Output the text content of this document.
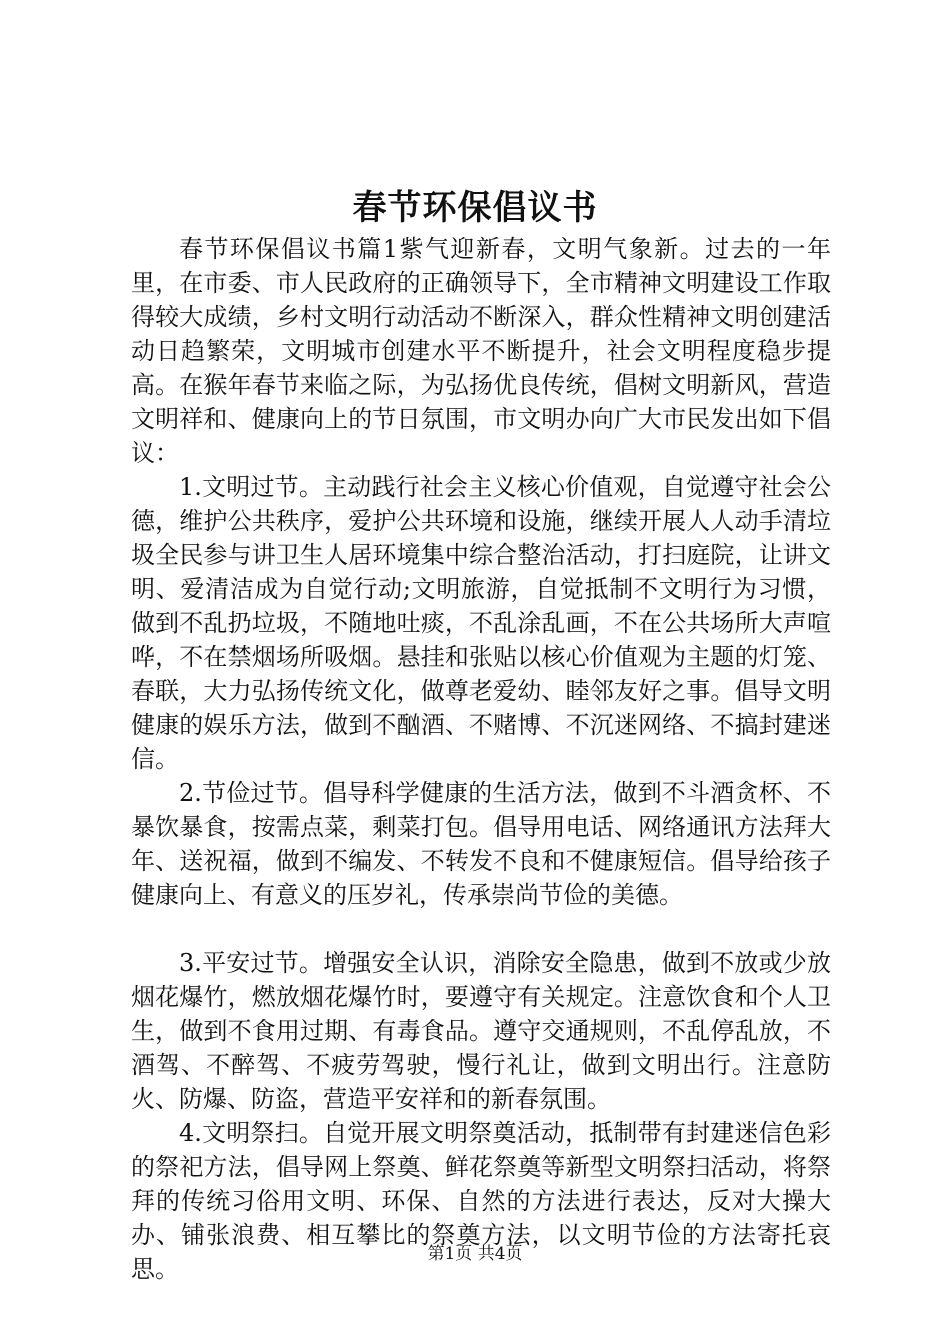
春节环保倡议书

春节环保倡议书篇1紫气迎新春，文明气象新。过去的一年里，在市委、市人民政府的正确领导下，全市精神文明建设工作取得较大成绩，乡村文明行动活动不断深入，群众性精神文明创建活动日趋繁荣，文明城市创建水平不断提升，社会文明程度稳步提高。在猴年春节来临之际，为弘扬优良传统，倡树文明新风，营造文明祥和、健康向上的节日氛围，市文明办向广大市民发出如下倡议：

1.文明过节。主动践行社会主义核心价值观，自觉遵守社会公德，维护公共秩序，爱护公共环境和设施，继续开展人人动手清垃圾全民参与讲卫生人居环境集中综合整治活动，打扫庭院，让讲文明、爱清洁成为自觉行动;文明旅游，自觉抵制不文明行为习惯，做到不乱扔垃圾，不随地吐痰，不乱涂乱画，不在公共场所大声喧哗，不在禁烟场所吸烟。悬挂和张贴以核心价值观为主题的灯笼、春联，大力弘扬传统文化，做尊老爱幼、睦邻友好之事。倡导文明健康的娱乐方法，做到不酗酒、不赌博、不沉迷网络、不搞封建迷信。

2.节俭过节。倡导科学健康的生活方法，做到不斗酒贪杯、不暴饮暴食，按需点菜，剩菜打包。倡导用电话、网络通讯方法拜大年、送祝福，做到不编发、不转发不良和不健康短信。倡导给孩子健康向上、有意义的压岁礼，传承崇尚节俭的美德。

3.平安过节。增强安全认识，消除安全隐患，做到不放或少放烟花爆竹，燃放烟花爆竹时，要遵守有关规定。注意饮食和个人卫生，做到不食用过期、有毒食品。遵守交通规则，不乱停乱放，不酒驾、不醉驾、不疲劳驾驶，慢行礼让，做到文明出行。注意防火、防爆、防盗，营造平安祥和的新春氛围。

4.文明祭扫。自觉开展文明祭奠活动，抵制带有封建迷信色彩的祭祀方法，倡导网上祭奠、鲜花祭奠等新型文明祭扫活动，将祭拜的传统习俗用文明、环保、自然的方法进行表达，反对大操大办、铺张浪费、相互攀比的祭奠方法，以文明节俭的方法寄托哀思。

第1页 共4页
